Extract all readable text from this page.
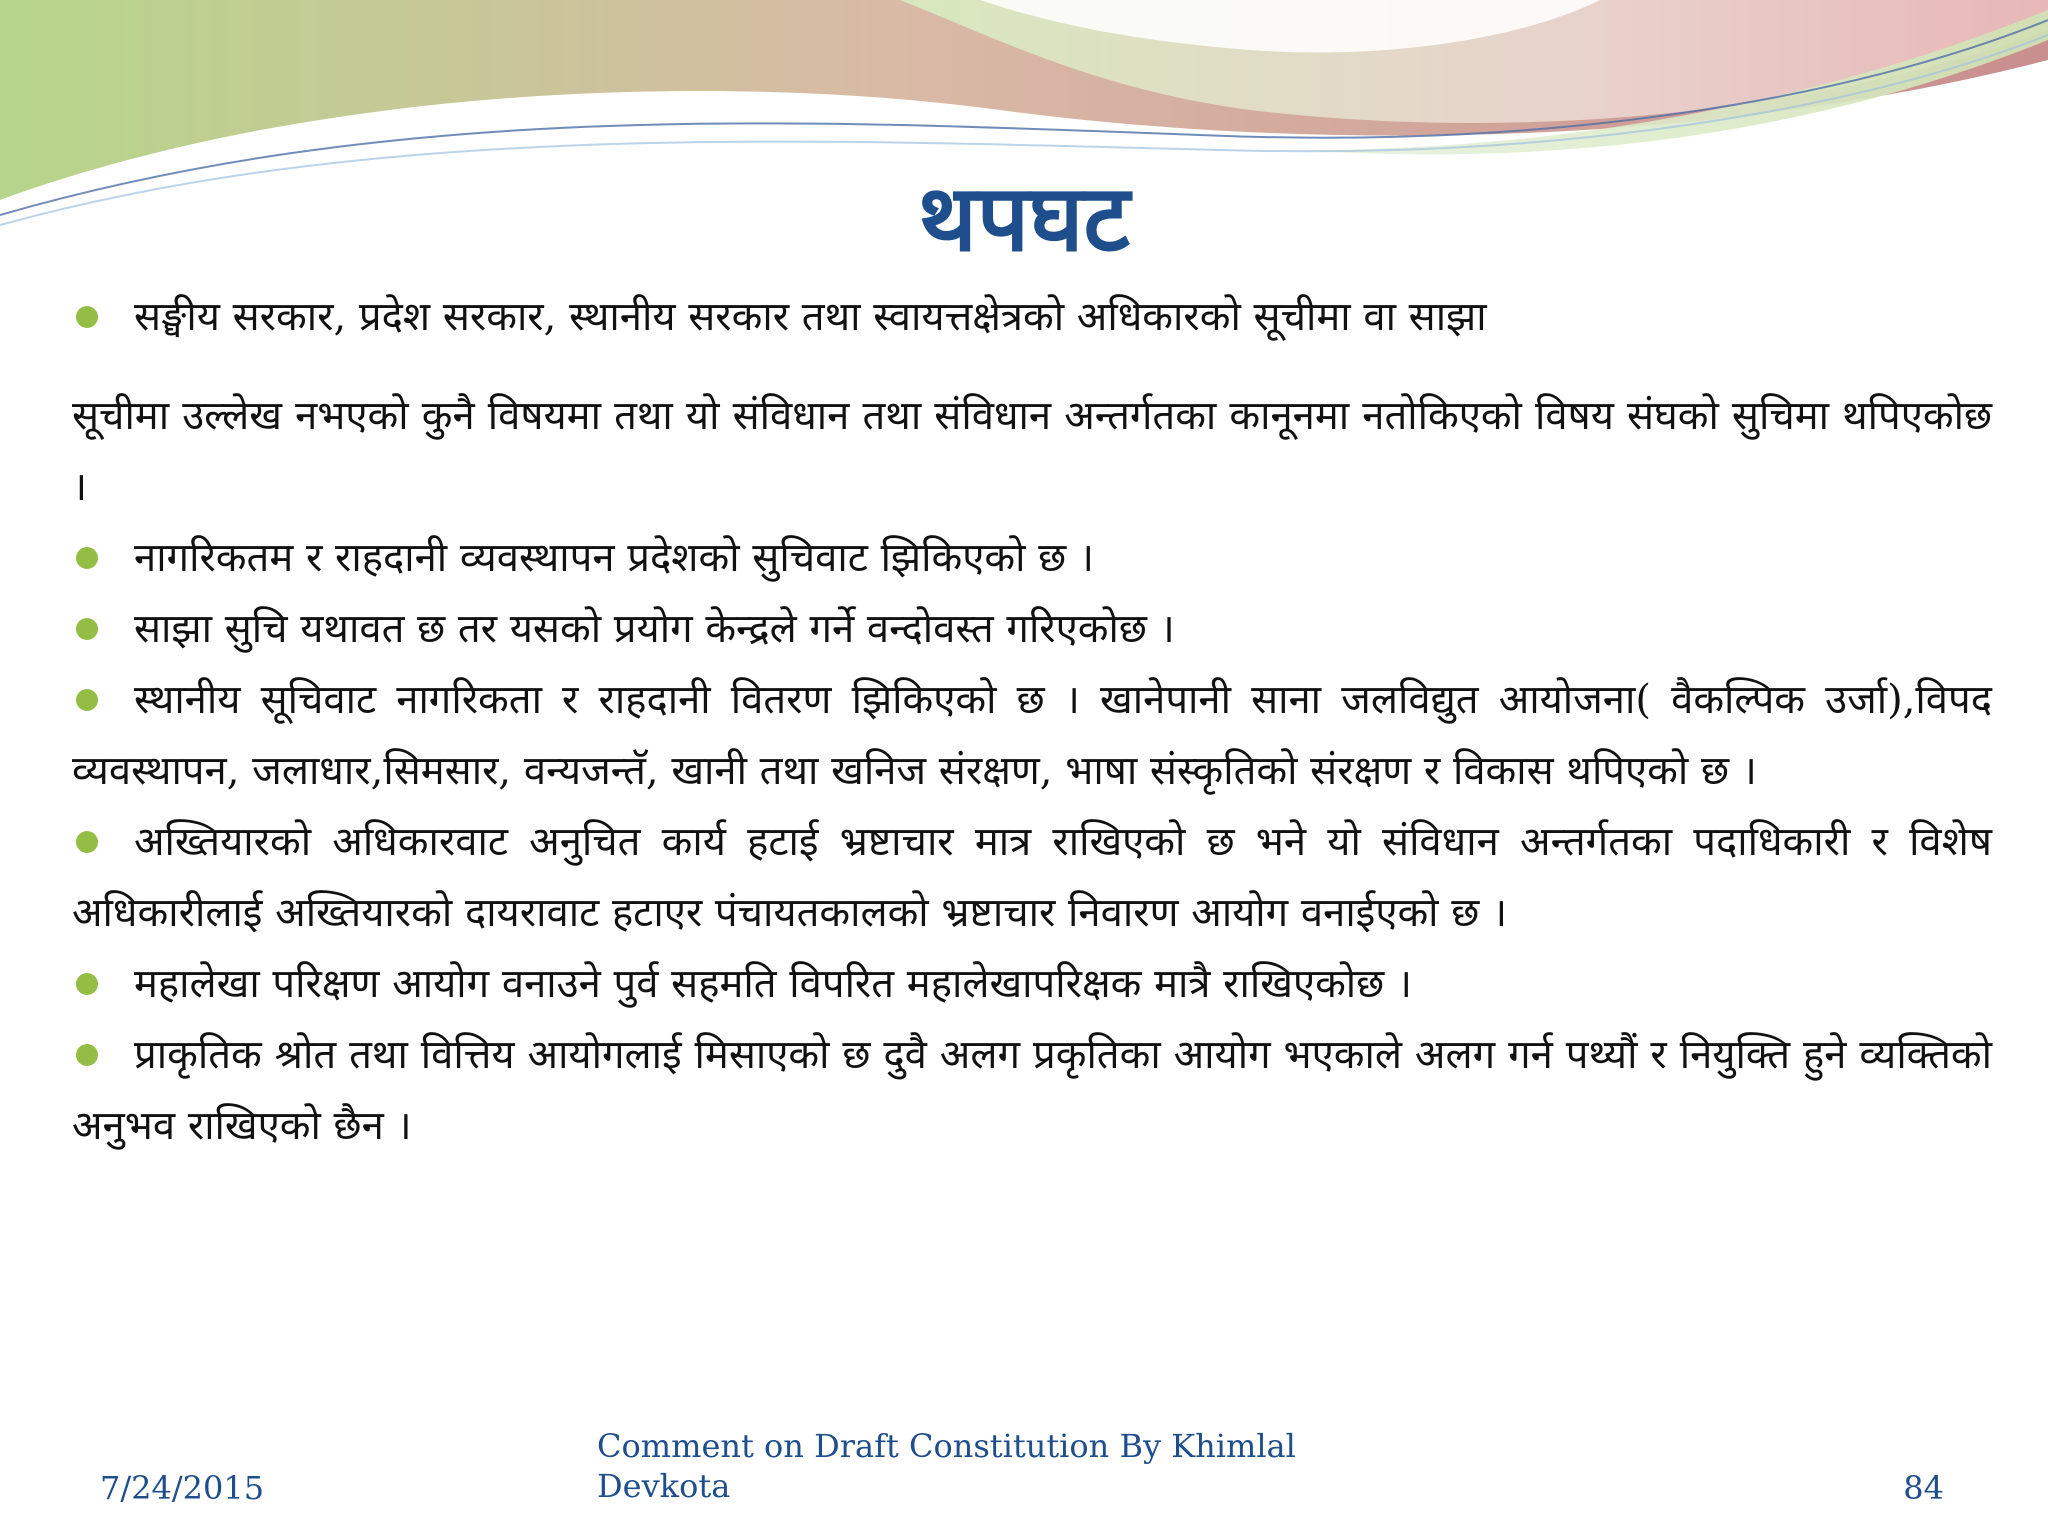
थपघट

सङ्घीय सरकार, प्रदेश सरकार, स्थानीय सरकार तथा स्वायत्तक्षेत्रको अधिकारको सूचीमा वा साझा

सूचीमा उल्लेख नभएको कुनै विषयमा तथा यो संविधान तथा संविधान अन्तर्गतका कानूनमा नतोकिएको विषय संघको सुचिमा थपिएकोछ ।

नागरिकतम र राहदानी व्यवस्थापन प्रदेशको सुचिवाट झिकिएको छ ।

साझा सुचि यथावत छ तर यसको प्रयोग केन्द्रले गर्ने वन्दोवस्त गरिएकोछ ।

स्थानीय सूचिवाट नागरिकता र राहदानी वितरण झिकिएको छ । खानेपानी साना जलविद्युत आयोजना( वैकल्पिक उर्जा),विपद व्यवस्थापन, जलाधार,सिमसार, वन्यजन्तॅ, खानी तथा खनिज संरक्षण, भाषा संस्कृतिको संरक्षण र विकास थपिएको छ ।

अख्तियारको अधिकारवाट अनुचित कार्य हटाई भ्रष्टाचार मात्र राखिएको छ भने यो संविधान अन्तर्गतका पदाधिकारी र विशेष अधिकारीलाई अख्तियारको दायरावाट हटाएर पंचायतकालको भ्रष्टाचार निवारण आयोग वनाईएको छ ।

महालेखा परिक्षण आयोग वनाउने पुर्व सहमति विपरित महालेखापरिक्षक मात्रै राखिएकोछ ।

प्राकृतिक श्रोत तथा वित्तिय आयोगलाई मिसाएको छ दुवै अलग प्रकृतिका आयोग भएकाले अलग गर्न पथ्यौं र नियुक्ति हुने व्यक्तिको अनुभव राखिएको छैन ।

7/24/2015
Comment on Draft Constitution By Khimlal
Devkota	84
